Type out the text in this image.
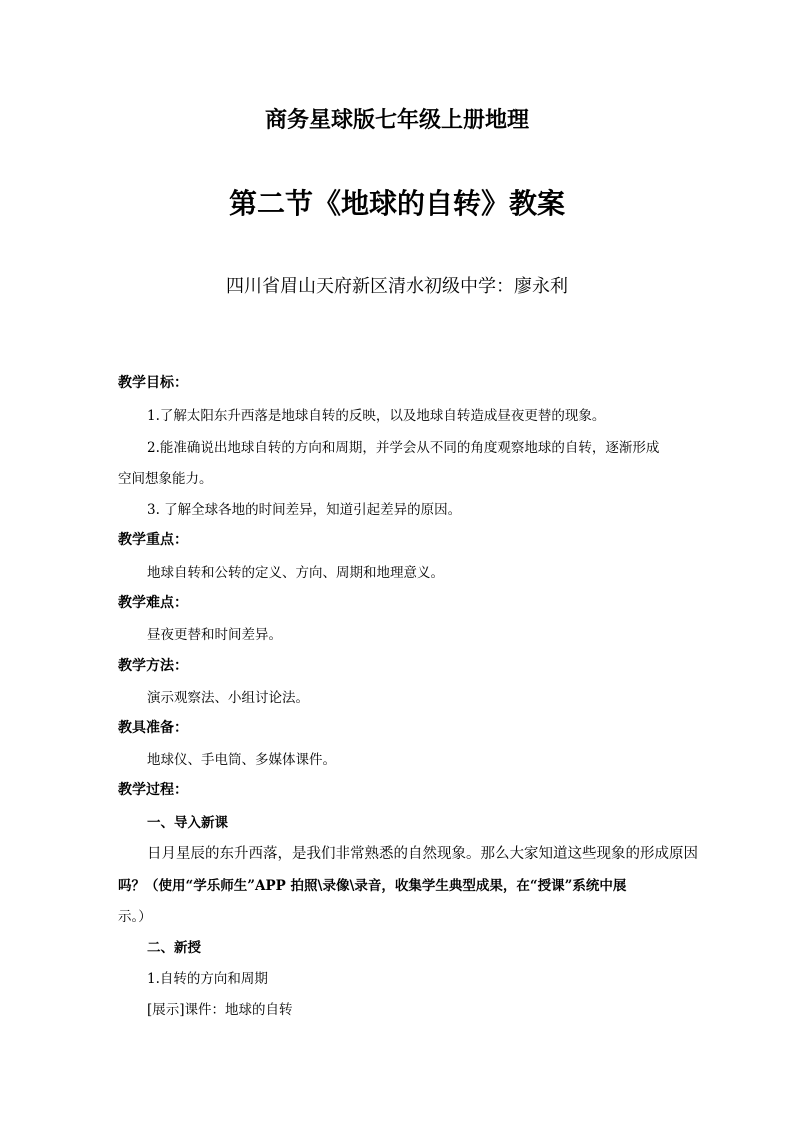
商务星球版七年级上册地理
第二节《地球的自转》教案
四川省眉山天府新区清水初级中学：廖永利
教学目标：
1.了解太阳东升西落是地球自转的反映，以及地球自转造成昼夜更替的现象。
2.能准确说出地球自转的方向和周期，并学会从不同的角度观察地球的自转，逐渐形成
空间想象能力。
3. 了解全球各地的时间差异，知道引起差异的原因。
教学重点：
地球自转和公转的定义、方向、周期和地理意义。
教学难点：
昼夜更替和时间差异。
教学方法：
演示观察法、小组讨论法。
教具准备：
地球仪、手电筒、多媒体课件。
教学过程：
一、导入新课
日月星辰的东升西落，是我们非常熟悉的自然现象。那么大家知道这些现象的形成原因
吗？（使用“学乐师生”APP 拍照\录像\录音，收集学生典型成果，在“授课”系统中展
示。）
二、新授
1.自转的方向和周期
[展示]课件：地球的自转
